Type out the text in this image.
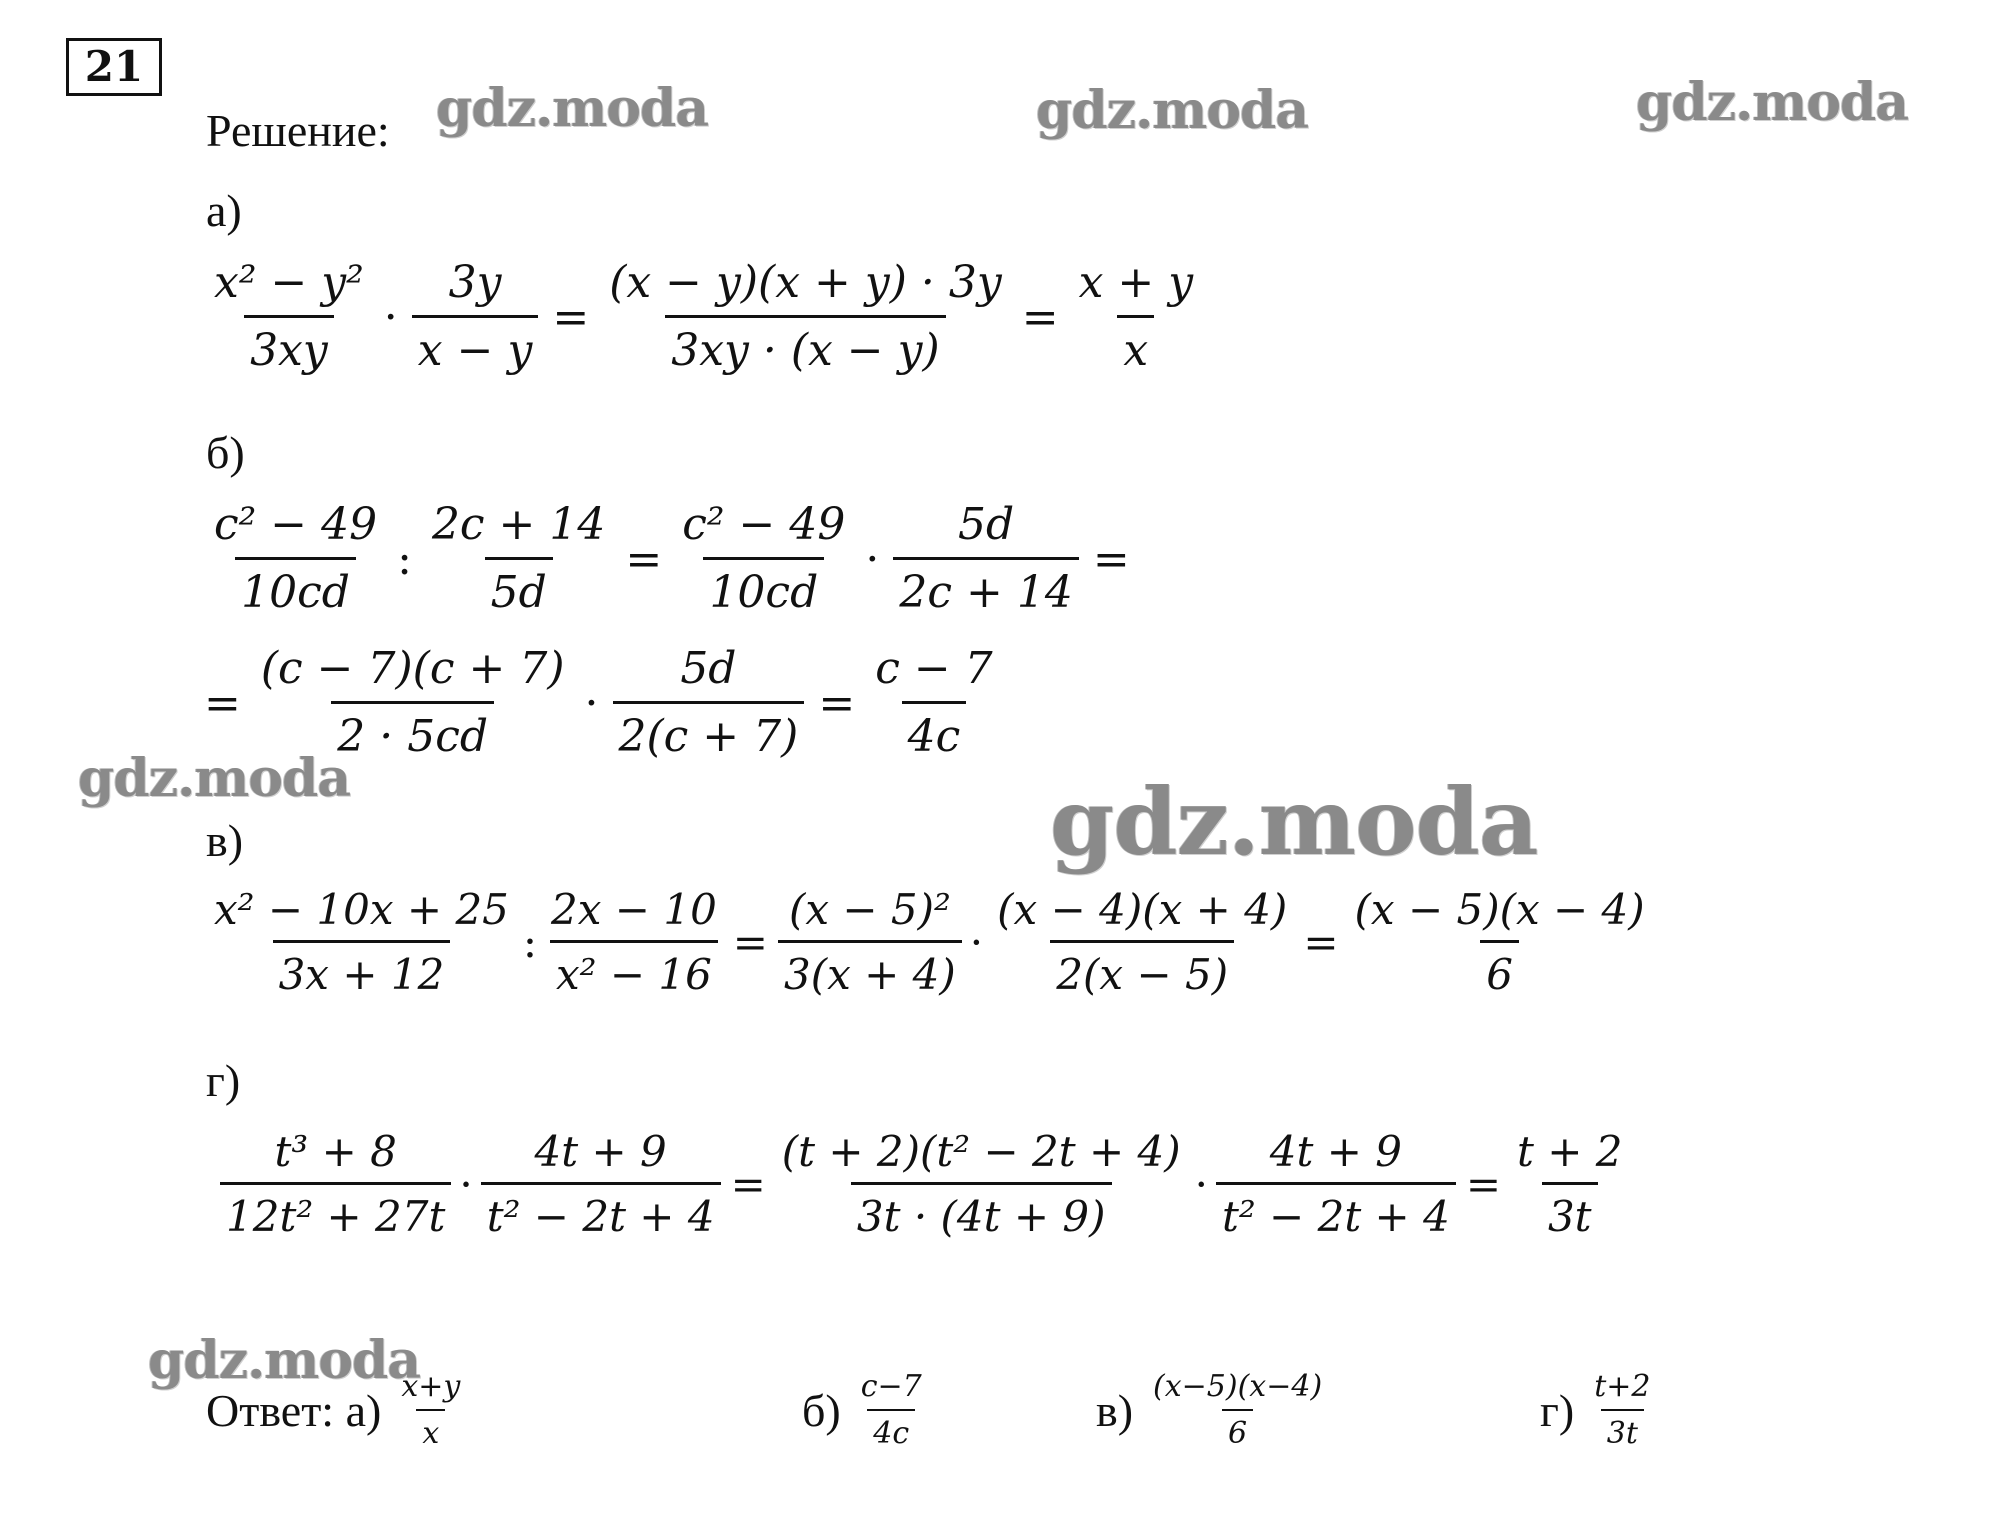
gdz.moda	gdz.moda	gdz.moda
gdz.moda	gdz.moda
gdz.moda
21
Решение:
а)
$\frac{\text{x² − y²}}{3xy} \cdot \frac{3y}{x - y} = \frac{(x - y)(x + y) \cdot 3y}{3xy \cdot (x - y)} = \frac{x + y}{x}$
б)
$\frac{\text{c² − 49}}{10cd}$ : $\frac{2c + 14}{5d} = \frac{\text{c² − 49}}{10cd} \cdot \frac{5d}{2c + 14}$ =
= $\frac{(c - 7)(c + 7)}{2 \cdot 5cd} \cdot \frac{5d}{2(c + 7)} = \frac{c - 7}{4c}$
в)
$\frac{\text{x² − 10x + 25}}{3x + 12}$ : $\frac{2x - 10}{\text{x² − 16}} = \frac{\text{(x − 5)²}}{3(x + 4)} \cdot \frac{(x - 4)(x + 4)}{2(x - 5)} = \frac{(x - 5)(x - 4)}{6}$
г)
$\frac{\text{t³ + 8}}{\text{12t² + 27t}} \cdot \frac{4t + 9}{\text{t² − 2t + 4}} = \frac{\text{(t + 2)(t² − 2t + 4)}}{3t \cdot (4t + 9)} \cdot \frac{4t + 9}{\text{t² − 2t + 4}} = \frac{t + 2}{3t}$
Ответ: $а) \frac{x+y}{x}$	$б) \frac{c-7}{4c}$	$в) \frac{(x-5)(x-4)}{6}$	$г) \frac{t+2}{3t}$
